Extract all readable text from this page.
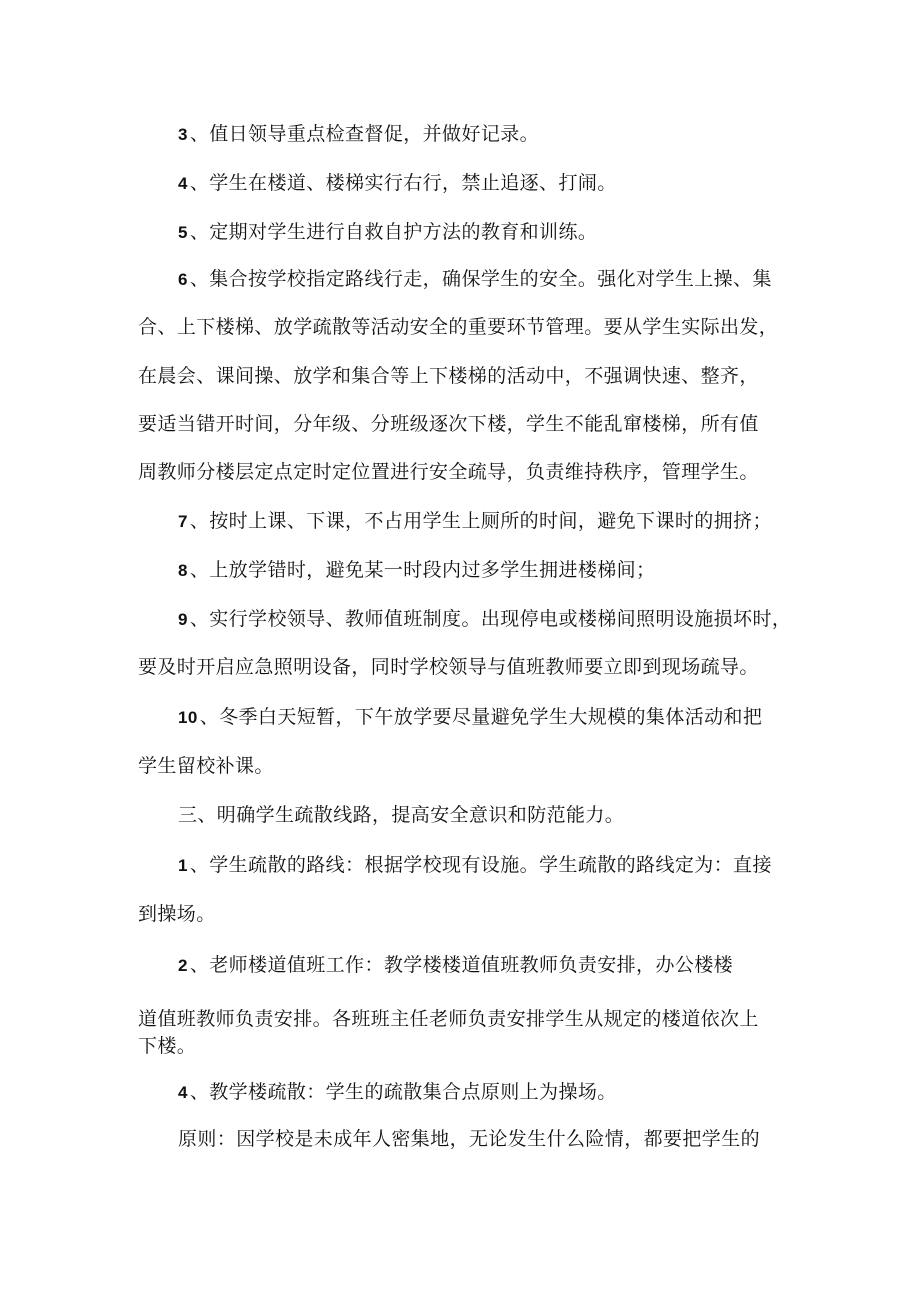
3 、值日领导重点检查督促，并做好记录。
4 、学生在楼道、楼梯实行右行，禁止追逐、打闹。
5 、定期对学生进行自救自护方法的教育和训练。
6 、集合按学校指定路线行走，确保学生的安全。强化对学生上操、集
合、上下楼梯、放学疏散等活动安全的重要环节管理。要从学生实际出发，
在晨会、课间操、放学和集合等上下楼梯的活动中，不强调快速、整齐，
要适当错开时间，分年级、分班级逐次下楼，学生不能乱窜楼梯，所有值
周教师分楼层定点定时定位置进行安全疏导，负责维持秩序，管理学生。
7 、按时上课、下课，不占用学生上厕所的时间，避免下课时的拥挤；
8 、上放学错时，避免某一时段内过多学生拥进楼梯间；
9 、实行学校领导、教师值班制度。出现停电或楼梯间照明设施损坏时，
要及时开启应急照明设备，同时学校领导与值班教师要立即到现场疏导。
10 、冬季白天短暂，下午放学要尽量避免学生大规模的集体活动和把
学生留校补课。
三、明确学生疏散线路，提高安全意识和防范能力。
1 、学生疏散的路线：根据学校现有设施。学生疏散的路线定为：直接
到操场。
2 、老师楼道值班工作：教学楼楼道值班教师负责安排，办公楼楼
道值班教师负责安排。各班班主任老师负责安排学生从规定的楼道依次上
下楼。
4 、教学楼疏散：学生的疏散集合点原则上为操场。
原则：因学校是未成年人密集地，无论发生什么险情，都要把学生的
